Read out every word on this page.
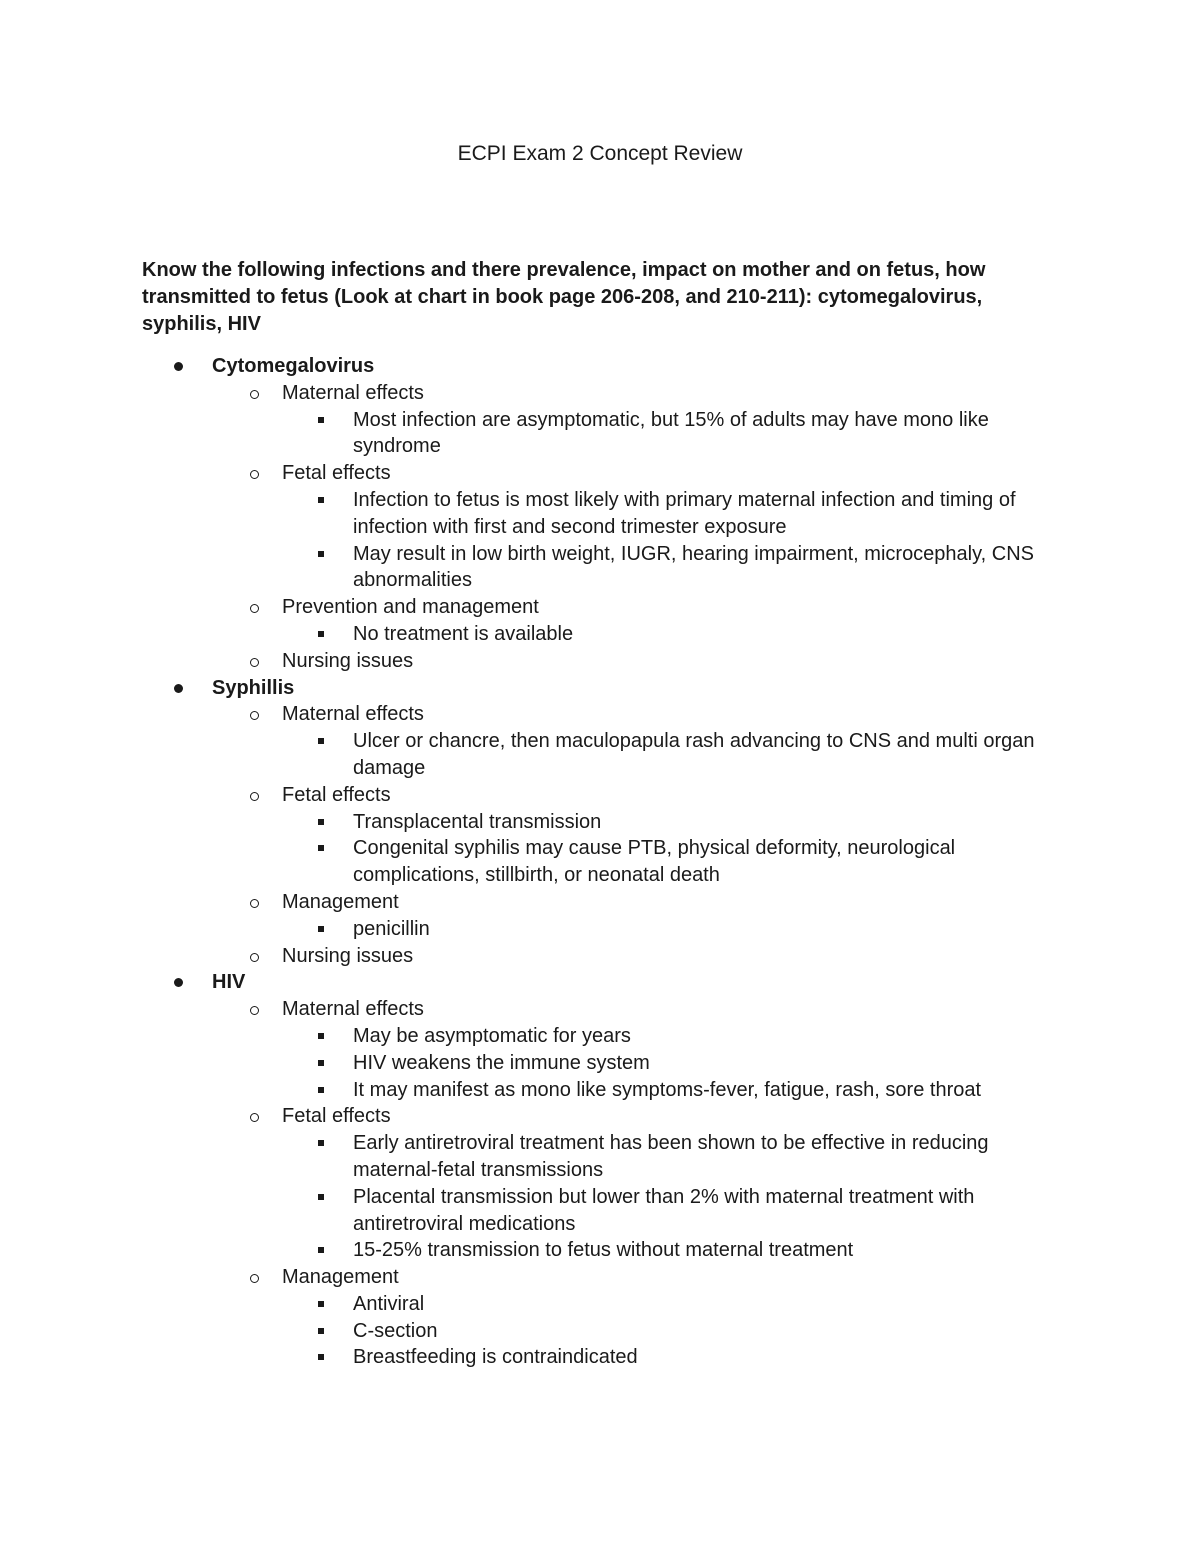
ECPI Exam 2 Concept Review
Know the following infections and there prevalence, impact on mother and on fetus, how transmitted to fetus (Look at chart in book page 206-208, and 210-211): cytomegalovirus, syphilis, HIV
Cytomegalovirus
Maternal effects
Most infection are asymptomatic, but 15% of adults may have mono like syndrome
Fetal effects
Infection to fetus is most likely with primary maternal infection and timing of infection with first and second trimester exposure
May result in low birth weight, IUGR, hearing impairment, microcephaly, CNS abnormalities
Prevention and management
No treatment is available
Nursing issues
Syphillis
Maternal effects
Ulcer or chancre, then maculopapula rash advancing to CNS and multi organ damage
Fetal effects
Transplacental transmission
Congenital syphilis may cause PTB, physical deformity, neurological complications, stillbirth, or neonatal death
Management
penicillin
Nursing issues
HIV
Maternal effects
May be asymptomatic for years
HIV weakens the immune system
It may manifest as mono like symptoms-fever, fatigue, rash, sore throat
Fetal effects
Early antiretroviral treatment has been shown to be effective in reducing maternal-fetal transmissions
Placental transmission but lower than 2% with maternal treatment with antiretroviral medications
15-25% transmission to fetus without maternal treatment
Management
Antiviral
C-section
Breastfeeding is contraindicated
